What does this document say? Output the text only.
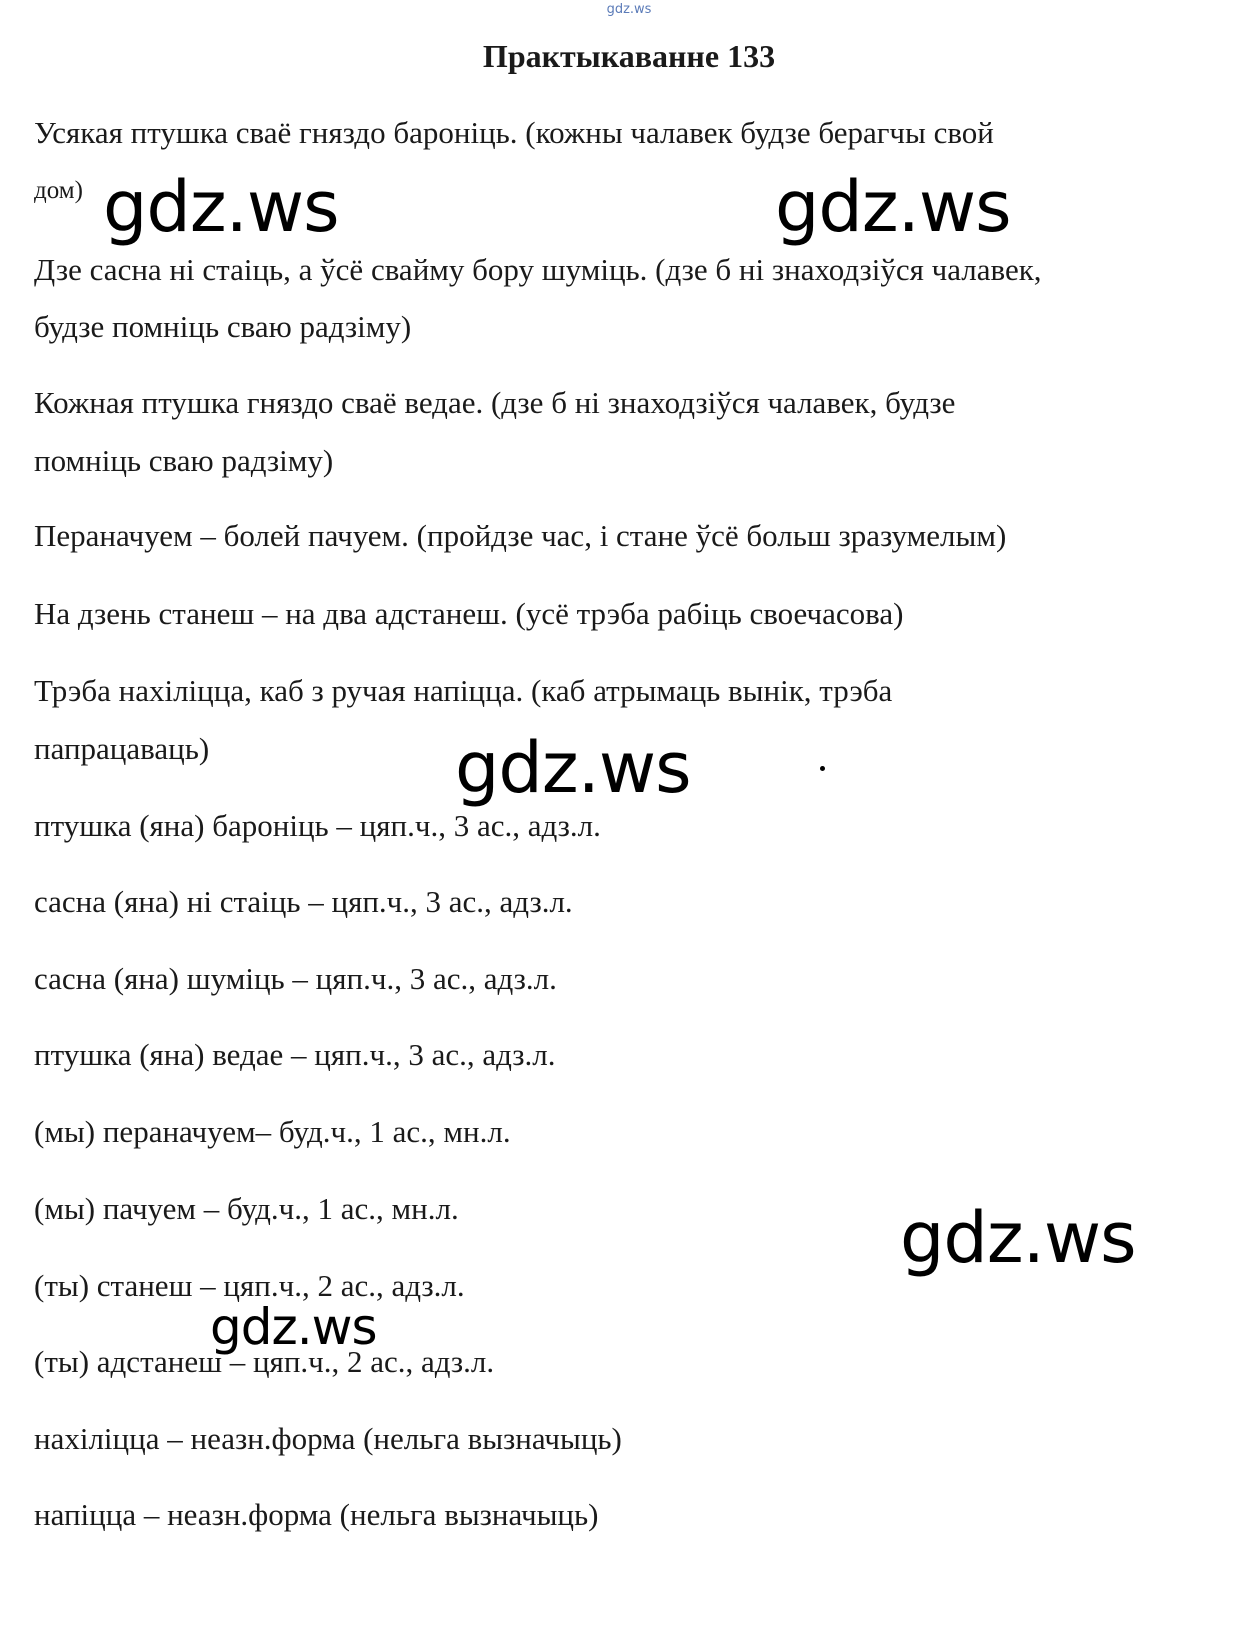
gdz.ws
Практыкаванне 133
Усякая птушка сваё гняздо бароніць. (кожны чалавек будзе берагчы свой
дом)
Дзе сасна ні стаіць, а ўсё свайму бору шуміць. (дзе б ні знаходзіўся чалавек,
будзе помніць сваю радзіму)
Кожная птушка гняздо сваё ведае. (дзе б ні знаходзіўся чалавек, будзе
помніць сваю радзіму)
Пераначуем – болей пачуем. (пройдзе час, і стане ўсё больш зразумелым)
На дзень станеш – на два адстанеш. (усё трэба рабіць своечасова)
Трэба нахіліцца, каб з ручая напіцца. (каб атрымаць вынік, трэба
папрацаваць)
птушка (яна) бароніць – цяп.ч., 3 ас., адз.л.
сасна (яна) ні стаіць – цяп.ч., 3 ас., адз.л.
сасна (яна) шуміць – цяп.ч., 3 ас., адз.л.
птушка (яна) ведае – цяп.ч., 3 ас., адз.л.
(мы) пераначуем– буд.ч., 1 ас., мн.л.
(мы) пачуем – буд.ч., 1 ас., мн.л.
(ты) станеш – цяп.ч., 2 ас., адз.л.
(ты) адстанеш – цяп.ч., 2 ас., адз.л.
нахіліцца – неазн.форма (нельга вызначыць)
напіцца – неазн.форма (нельга вызначыць)
gdz.ws	gdz.ws
gdz.ws
gdz.ws
gdz.ws
